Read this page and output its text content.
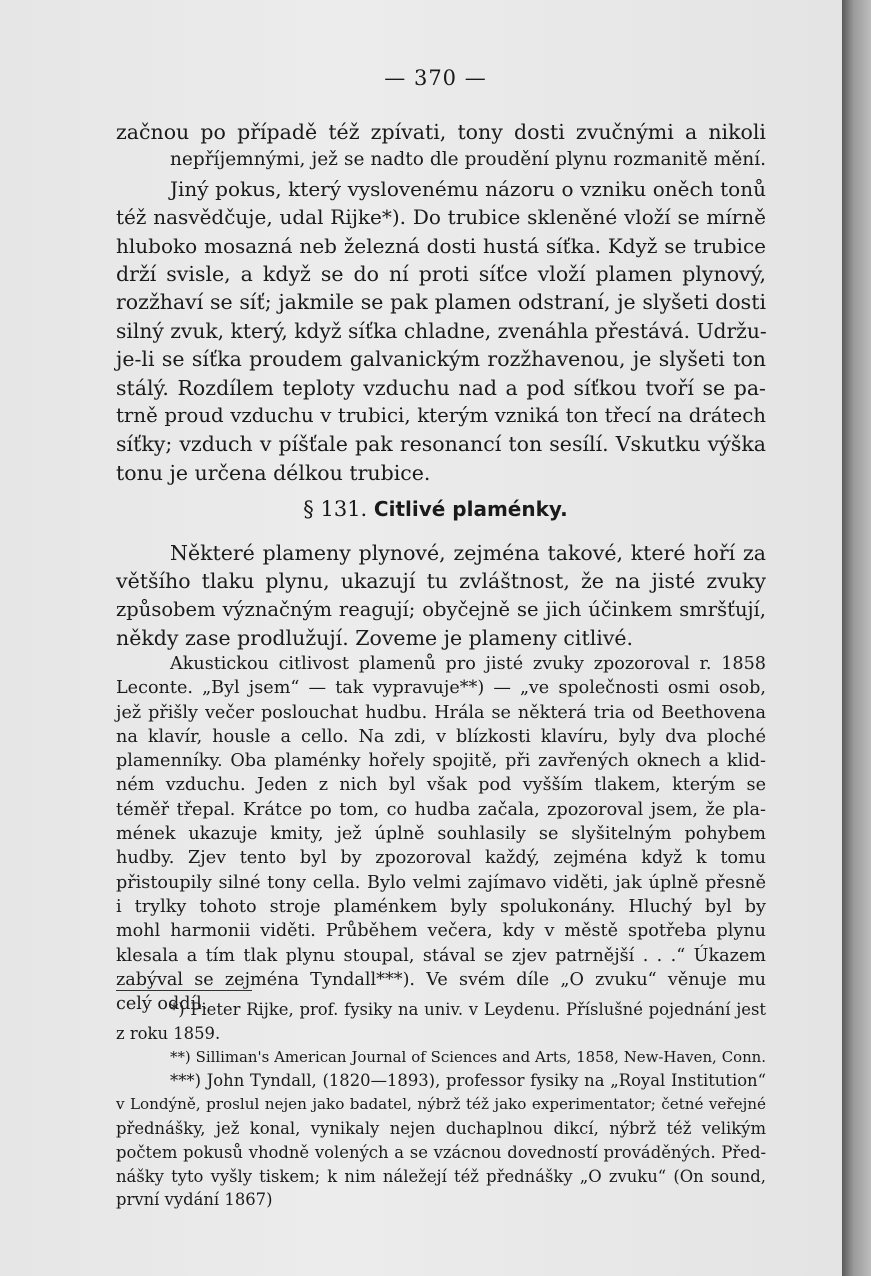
— 370 —
začnou po případě též zpívati, tony dosti zvučnými a nikoli
nepříjemnými, jež se nadto dle proudění plynu rozmanitě mění.
Jiný pokus, který vyslovenému názoru o vzniku oněch tonů
též nasvědčuje, udal Rijke*). Do trubice skleněné vloží se mírně
hluboko mosazná neb železná dosti hustá síťka. Když se trubice
drží svisle, a když se do ní proti síťce vloží plamen plynový,
rozžhaví se síť; jakmile se pak plamen odstraní, je slyšeti dosti
silný zvuk, který, když síťka chladne, zvenáhla přestává. Udržu-
je-li se síťka proudem galvanickým rozžhavenou, je slyšeti ton
stálý. Rozdílem teploty vzduchu nad a pod síťkou tvoří se pa-
trně proud vzduchu v trubici, kterým vzniká ton třecí na drátech
síťky; vzduch v píšťale pak resonancí ton sesílí. Vskutku výška
tonu je určena délkou trubice.
§ 131. Citlivé plaménky.
Některé plameny plynové, zejména takové, které hoří za
většího tlaku plynu, ukazují tu zvláštnost, že na jisté zvuky
způsobem význačným reagují; obyčejně se jich účinkem smršťují,
někdy zase prodlužují. Zoveme je plameny citlivé.
Akustickou citlivost plamenů pro jisté zvuky zpozoroval r. 1858
Leconte. „Byl jsem“ — tak vypravuje**) — „ve společnosti osmi osob,
jež přišly večer poslouchat hudbu. Hrála se některá tria od Beethovena
na klavír, housle a cello. Na zdi, v blízkosti klavíru, byly dva ploché
plamenníky. Oba plaménky hořely spojitě, při zavřených oknech a klid-
ném vzduchu. Jeden z nich byl však pod vyšším tlakem, kterým se
téměř třepal. Krátce po tom, co hudba začala, zpozoroval jsem, že pla-
mének ukazuje kmity, jež úplně souhlasily se slyšitelným pohybem
hudby. Zjev tento byl by zpozoroval každý, zejména když k tomu
přistoupily silné tony cella. Bylo velmi zajímavo viděti, jak úplně přesně
i trylky tohoto stroje plaménkem byly spolukonány. Hluchý byl by
mohl harmonii viděti. Průběhem večera, kdy v městě spotřeba plynu
klesala a tím tlak plynu stoupal, stával se zjev patrnější . . .“ Úkazem
zabýval se zejména Tyndall***). Ve svém díle „O zvuku“ věnuje mu
celý oddíl.
*) Pieter Rijke, prof. fysiky na univ. v Leydenu. Příslušné pojednání jest
z roku 1859.
**) Silliman's American Journal of Sciences and Arts, 1858, New-Haven, Conn.
***) John Tyndall, (1820—1893), professor fysiky na „Royal Institution“
v Londýně, proslul nejen jako badatel, nýbrž též jako experimentator; četné veřejné
přednášky, jež konal, vynikaly nejen duchaplnou dikcí, nýbrž též velikým
počtem pokusů vhodně volených a se vzácnou dovedností prováděných. Před-
nášky tyto vyšly tiskem; k nim náležejí též přednášky „O zvuku“ (On sound,
první vydání 1867)
